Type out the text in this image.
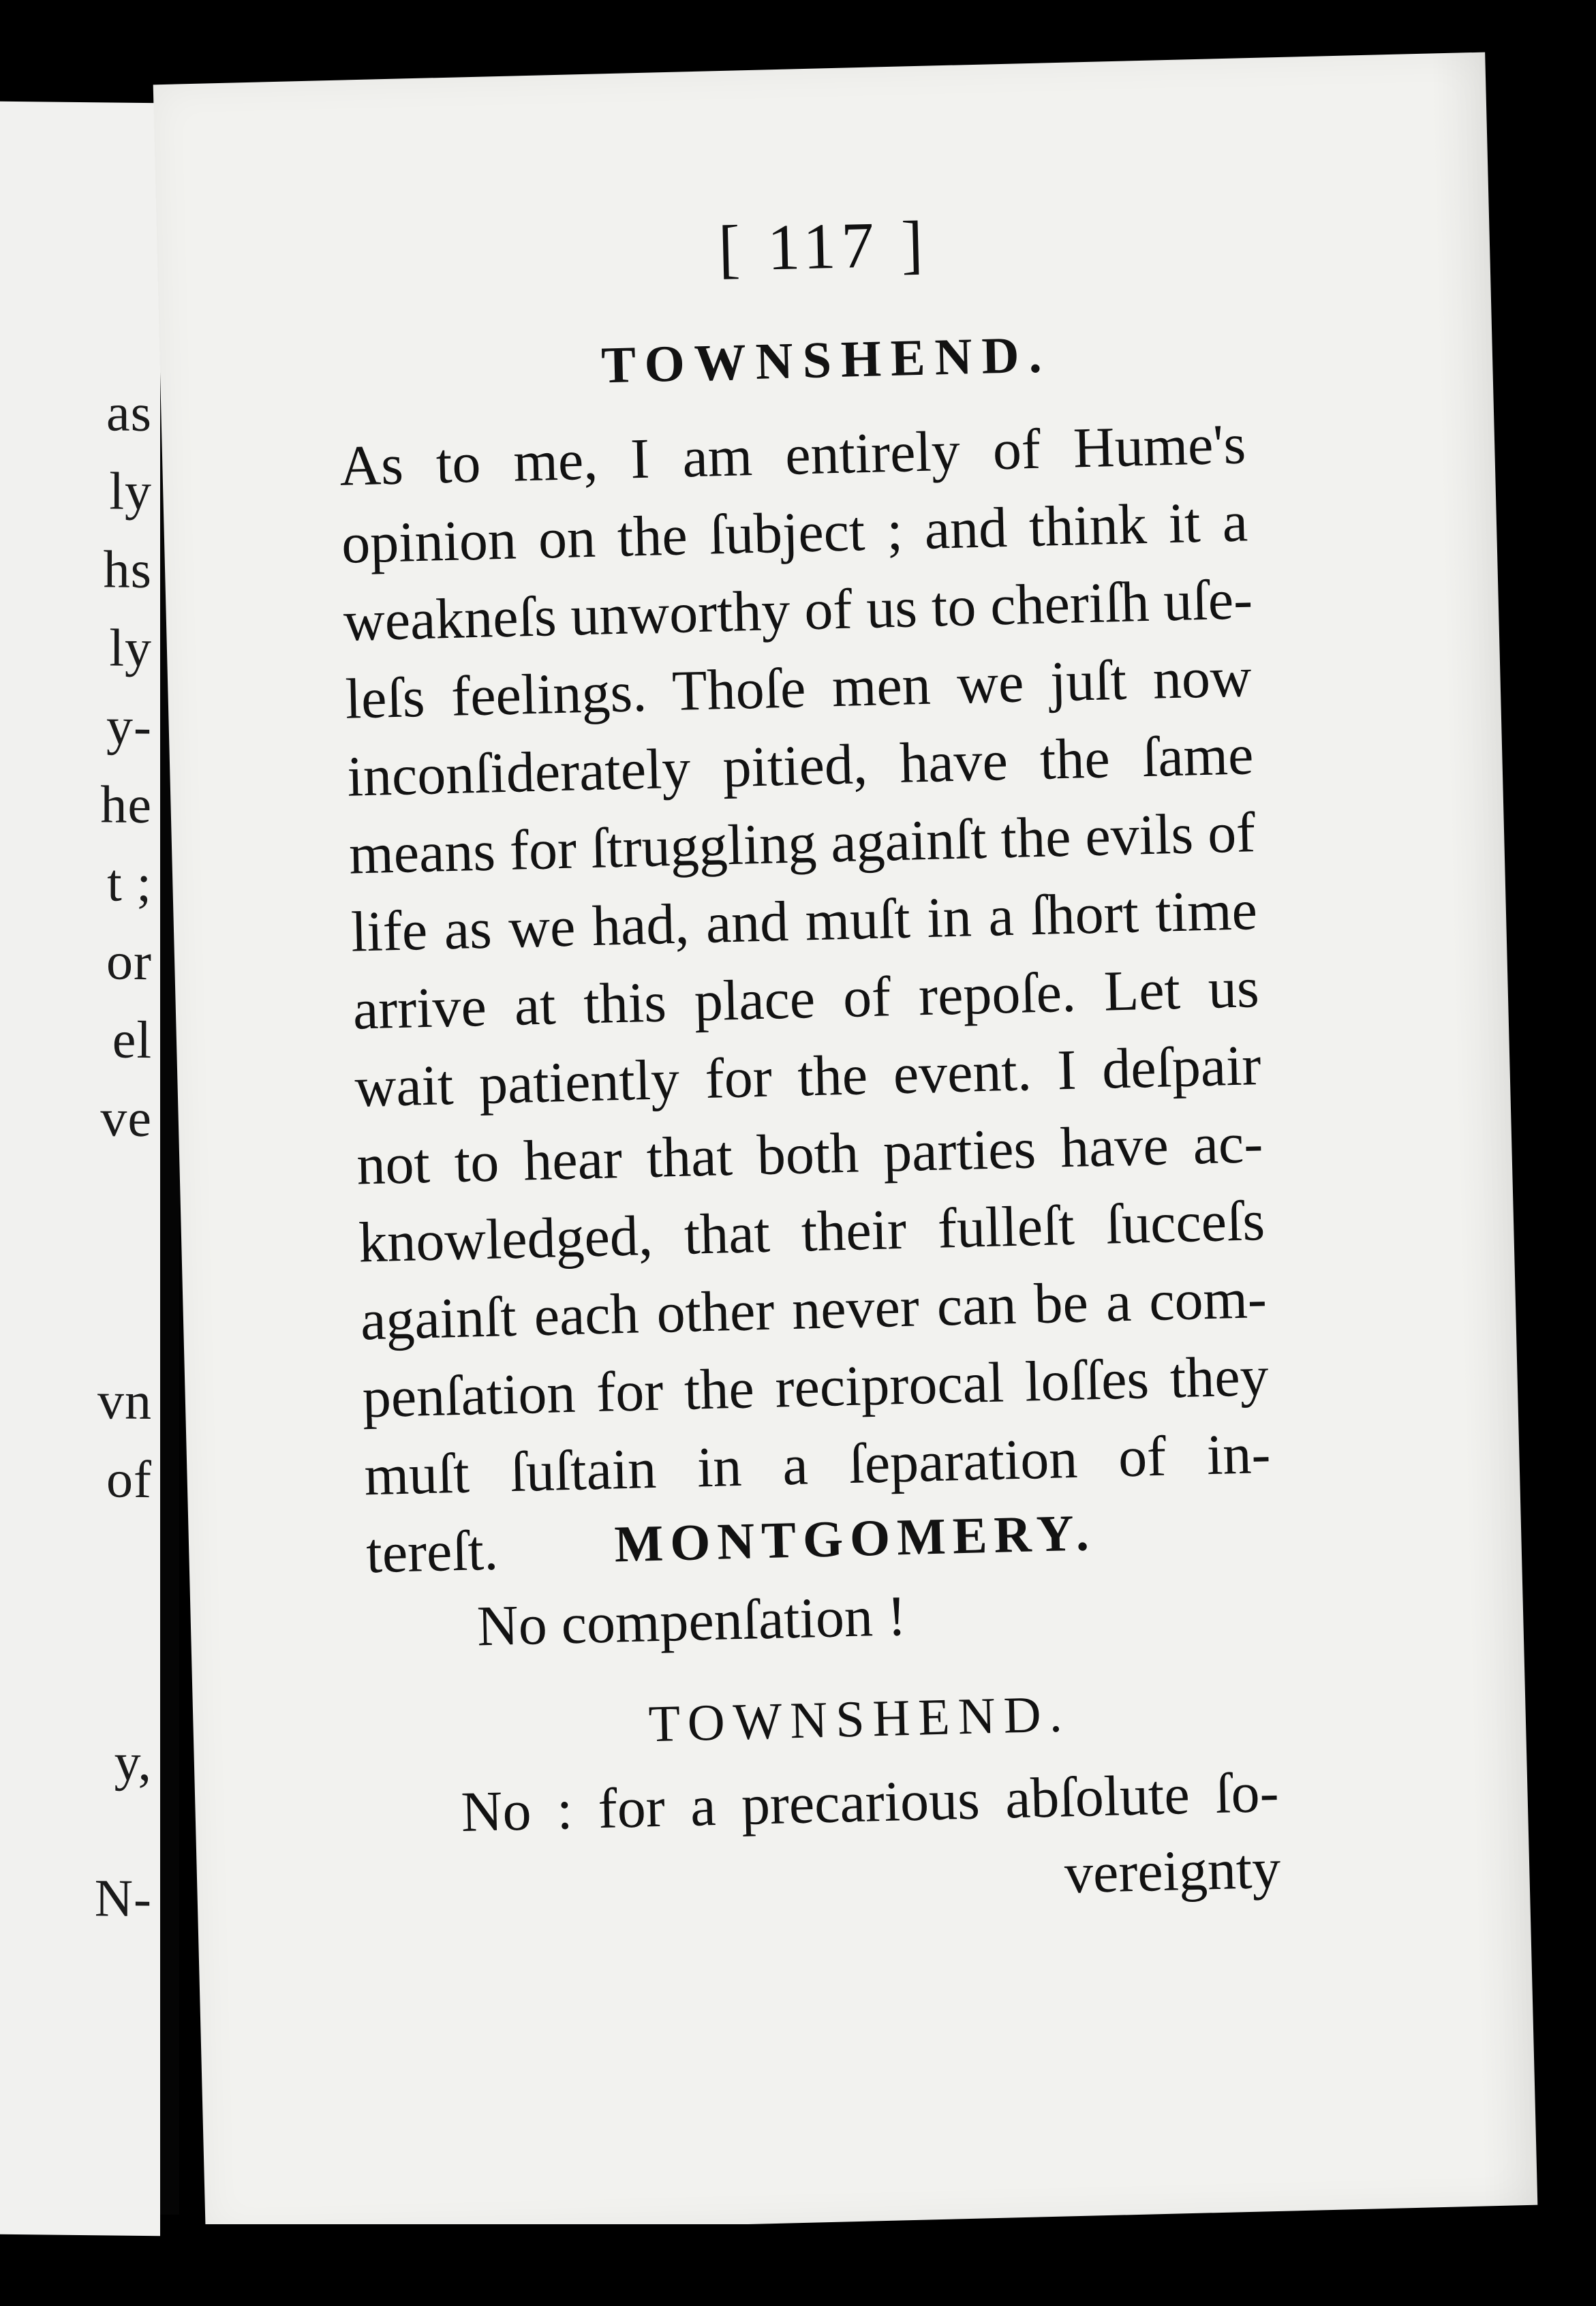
as
ly
hs
ly
y-
he
t ;
or
el
ve
vn
of
y,
N-
[ 117 ]
TOWNSHEND.
As to me, I am entirely of Hume's
opinion on the ſubject ; and think it a
weakneſs unworthy of us to cheriſh uſe-
leſs feelings. Thoſe men we juſt now
inconſiderately pitied, have the ſame
means for ſtruggling againſt the evils of
life as we had, and muſt in a ſhort time
arrive at this place of repoſe. Let us
wait patiently for the event. I deſpair
not to hear that both parties have ac-
knowledged, that their fulleſt ſucceſs
againſt each other never can be a com-
penſation for the reciprocal loſſes they
muſt ſuſtain in a ſeparation of in-
tereſt.	MONTGOMERY.
No compenſation !
TOWNSHEND.
No : for a precarious abſolute ſo-
vereignty
